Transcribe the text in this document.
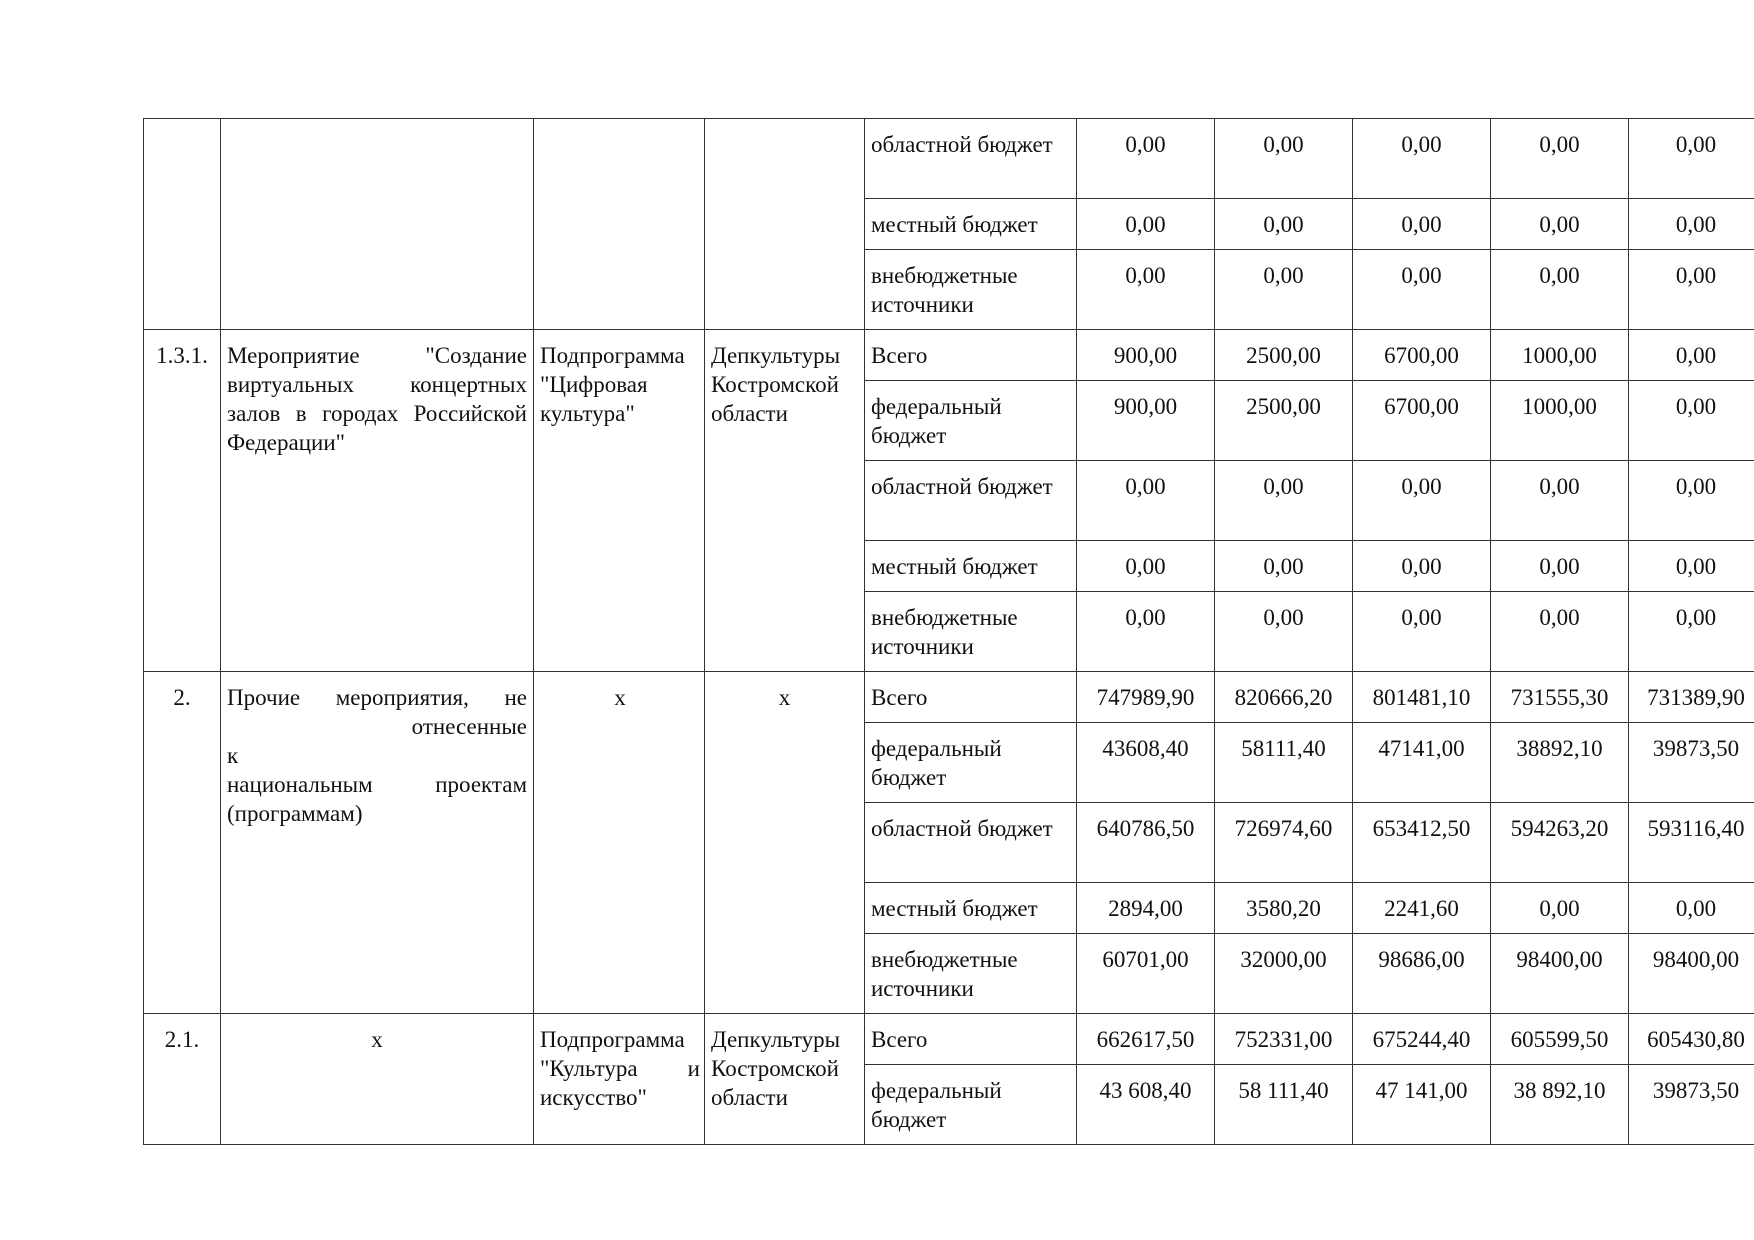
				областной бюджет	0,00	0,00	0,00	0,00	0,00
				местный бюджет	0,00	0,00	0,00	0,00	0,00
				внебюджетные источники	0,00	0,00	0,00	0,00	0,00
1.3.1.	Мероприятие "Создание виртуальных концертных залов в городах Российской Федерации"	Подпрограмма "Цифровая культура"	Депкультуры Костромской области	Всего	900,00	2500,00	6700,00	1000,00	0,00
				федеральный бюджет	900,00	2500,00	6700,00	1000,00	0,00
				областной бюджет	0,00	0,00	0,00	0,00	0,00
				местный бюджет	0,00	0,00	0,00	0,00	0,00
				внебюджетные источники	0,00	0,00	0,00	0,00	0,00
2.	Прочие мероприятия, не отнесенные
к
национальным проектам (программам)	х	х	Всего	747989,90	820666,20	801481,10	731555,30	731389,90
				федеральный бюджет	43608,40	58111,40	47141,00	38892,10	39873,50
				областной бюджет	640786,50	726974,60	653412,50	594263,20	593116,40
				местный бюджет	2894,00	3580,20	2241,60	0,00	0,00
				внебюджетные источники	60701,00	32000,00	98686,00	98400,00	98400,00
2.1.	х	Подпрограмма "Культура и искусство"	Депкультуры Костромской области	Всего	662617,50	752331,00	675244,40	605599,50	605430,80
				федеральный бюджет	43 608,40	58 111,40	47 141,00	38 892,10	39873,50
